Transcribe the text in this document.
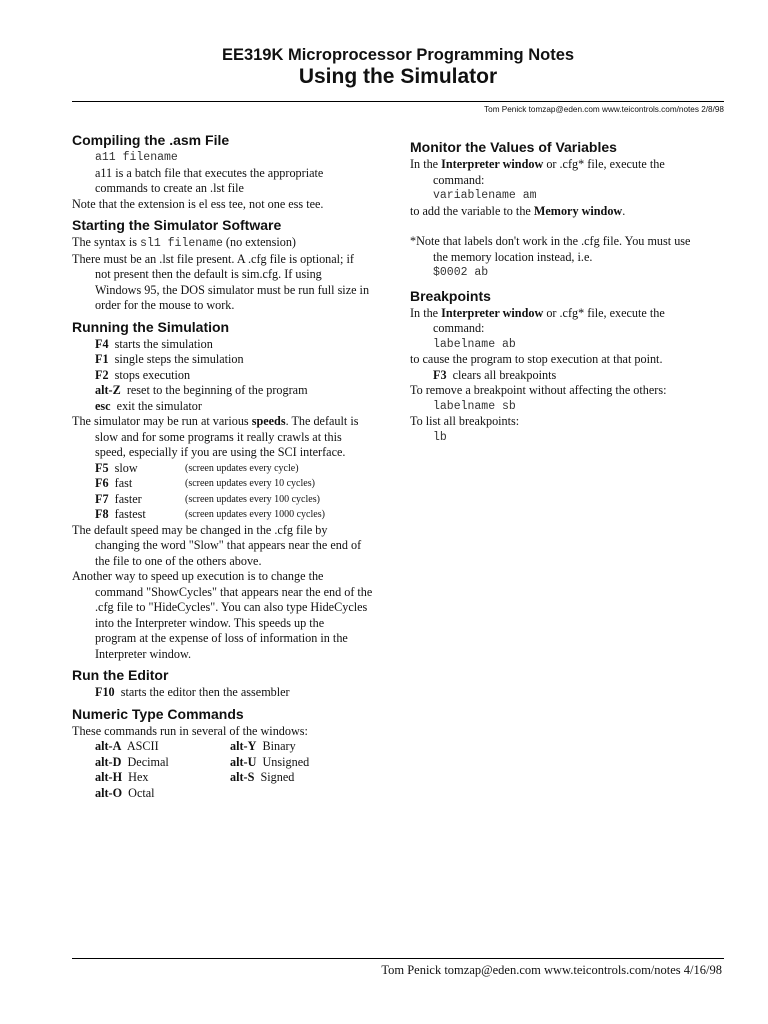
EE319K Microprocessor Programming Notes
Using the Simulator
Tom Penick tomzap@eden.com www.teicontrols.com/notes 2/8/98
Compiling the .asm File
a11 filename
a11 is a batch file that executes the appropriate
commands to create an .lst file
Note that the extension is el ess tee, not one ess tee.
Starting the Simulator Software
The syntax is sl1 filename (no extension)
There must be an .lst file present. A .cfg file is optional; if
not present then the default is sim.cfg. If using
Windows 95, the DOS simulator must be run full size in
order for the mouse to work.
Running the Simulation
F4 starts the simulation
F1 single steps the simulation
F2 stops execution
alt-Z reset to the beginning of the program
esc exit the simulator
The simulator may be run at various speeds. The default is
slow and for some programs it really crawls at this
speed, especially if you are using the SCI interface.
F5 slow	(screen updates every cycle)
F6 fast	(screen updates every 10 cycles)
F7 faster	(screen updates every 100 cycles)
F8 fastest	(screen updates every 1000 cycles)
The default speed may be changed in the .cfg file by
changing the word "Slow" that appears near the end of
the file to one of the others above.
Another way to speed up execution is to change the
command "ShowCycles" that appears near the end of the
.cfg file to "HideCycles". You can also type HideCycles
into the Interpreter window. This speeds up the
program at the expense of loss of information in the
Interpreter window.
Run the Editor
F10 starts the editor then the assembler
Numeric Type Commands
These commands run in several of the windows:
alt-A ASCII	alt-Y Binary
alt-D Decimal	alt-U Unsigned
alt-H Hex	alt-S Signed
alt-O Octal
Monitor the Values of Variables
In the Interpreter window or .cfg* file, execute the
command:
variablename am
to add the variable to the Memory window.
*Note that labels don't work in the .cfg file. You must use
the memory location instead, i.e.
$0002 ab
Breakpoints
In the Interpreter window or .cfg* file, execute the
command:
labelname ab
to cause the program to stop execution at that point.
F3 clears all breakpoints
To remove a breakpoint without affecting the others:
labelname sb
To list all breakpoints:
lb
Tom Penick tomzap@eden.com www.teicontrols.com/notes 4/16/98
